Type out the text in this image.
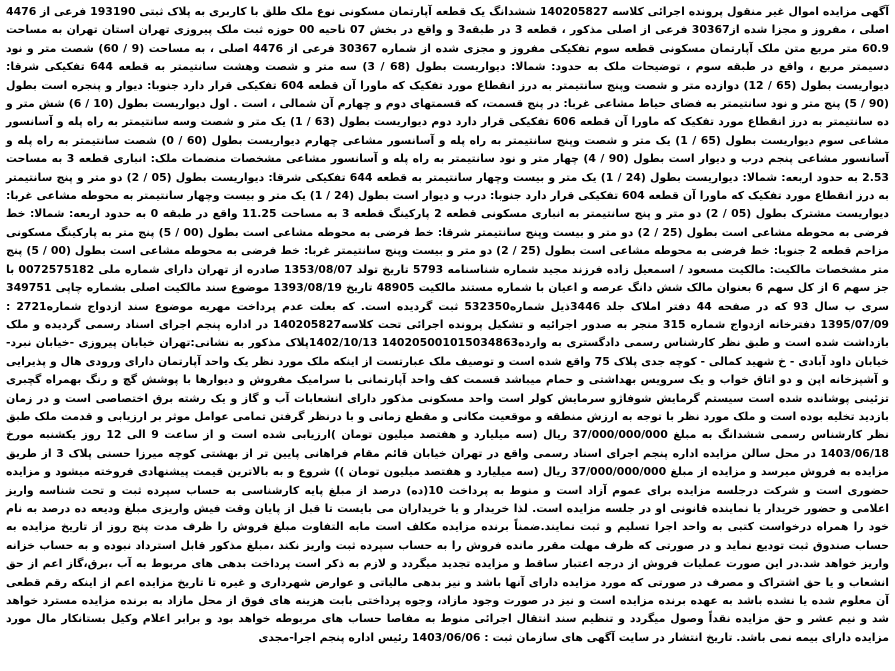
آگهی مزایده اموال غیر منقول پرونده اجرائی کلاسه 140205827 ششدانگ یک قطعه آپارتمان مسکونی نوع ملک طلق با کاربری به پلاک ثبتی 193190 فرعی از 4476 اصلی ، مفروز و مجزا شده از30367 فرعی از اصلی مذکور ، قطعه 3 در طبقه3 و واقع در بخش 07 ناحیه 00 حوزه ثبت ملک پیروزی تهران استان تهران به مساحت 60.9 متر مربع متن ملک آپارتمان مسکونی قطعه سوم تفکیکی مفروز و مجزی شده از شماره 30367 فرعی از 4476 اصلی ، به مساحت (9 / 60) شصت متر و نود دسیمتر مربع ، واقع در طبقه سوم ، توضیحات ملک به حدود: شمالا: دیواریست بطول (68 / 3) سه متر و شصت وهشت سانتیمتر به قطعه 644 تفکیکی شرقا: دیواریست بطول (65 / 12) دوازده متر و شصت وپنج سانتیمتر به درز انقطاع مورد تفکیک که ماورا آن قطعه 604 تفکیکی قرار دارد جنوبا: دیوار و پنجره است بطول (90 / 5) پنج متر و نود سانتیمتر به فضای حیاط مشاعی غربا: در پنج قسمت، که قسمتهای دوم و چهارم آن شمالی ، است . اول دیواریست بطول (10 / 6) شش متر و ده سانتیمتر به درز انقطاع مورد تفکیک که ماورا آن قطعه 606 تفکیکی قرار دارد دوم دیواریست بطول (63 / 1) یک متر و شصت وسه سانتیمتر به راه پله و آسانسور مشاعی سوم دیواریست بطول (65 / 1) یک متر و شصت وپنج سانتیمتر به راه پله و آسانسور مشاعی چهارم دیواریست بطول (60 / 0) شصت سانتیمتر به راه پله و آسانسور مشاعی پنجم درب و دیوار است بطول (90 / 4) چهار متر و نود سانتیمتر به راه پله و آسانسور مشاعی مشخصات منضمات ملک: انباری قطعه 3 به مساحت 2.53 به حدود اربعه: شمالا: دیواریست بطول (24 / 1) یک متر و بیست وچهار سانتیمتر به قطعه 644 تفکیکی شرقا: دیواریست بطول (05 / 2) دو متر و پنج سانتیمتر به درز انقطاع مورد تفکیک که ماورا آن قطعه 604 تفکیکی قرار دارد جنوبا: درب و دیوار است بطول (24 / 1) یک متر و بیست وچهار سانتیمتر به محوطه مشاعی غربا: دیواریست مشترک بطول (05 / 2) دو متر و پنج سانتیمتر به انباری مسکونی قطعه 2 پارکینگ قطعه 3 به مساحت 11.25 واقع در طبقه 0 به حدود اربعه: شمالا: خط فرضی به محوطه مشاعی است بطول (25 / 2) دو متر و بیست وپنج سانتیمتر شرقا: خط فرضی به محوطه مشاعی است بطول (00 / 5) پنج متر به پارکینگ مسکونی مزاحم قطعه 2 جنوبا: خط فرضی به محوطه مشاعی است بطول (25 / 2) دو متر و بیست وپنج سانتیمتر غربا: خط فرضی به محوطه مشاعی است بطول (00 / 5) پنج متر مشخصات مالکیت: مالکیت مسعود / اسمعیل زاده فرزند مجید شماره شناسنامه 5793 تاریخ تولد 1353/08/07 صادره از تهران دارای شماره ملی 0072575182 با جز سهم 6 از کل سهم 6 بعنوان مالک شش دانگ عرصه و اعیان با شماره مستند مالکیت 48905 تاریخ 1393/08/19 موضوع سند مالکیت اصلی بشماره چاپی 349751 سری ب سال 93 که در صفحه 44 دفتر املاک جلد 3446ذیل شماره532350 ثبت گردیده است. که بعلت عدم پرداخت مهریه موضوع سند ازدواج شماره2721 : 1395/07/09 دفترخانه ازدواج شماره 315 منجر به صدور اجرائیه و تشکیل پرونده اجرائی تحت کلاسه140205827 در اداره پنجم اجرای اسناد رسمی گردیده و ملک بازداشت شده است و طبق نظر کارشناس رسمی دادگستری به وارده140205001015034863 1402/10/13پلاک مذکور به نشانی:تهران خیابان پیروزی -خیابان نبرد- خیابان داود آبادی - خ شهید کمالی - کوچه جدی پلاک 75 واقع شده است و توصیف ملک عبارتست از اینکه ملک مورد نظر یک واحد آپارتمان دارای ورودی هال و پذیرایی و آشپزخانه اپن و دو اتاق خواب و یک سرویس بهداشتی و حمام میباشد قسمت کف واحد آپارتمانی با سرامیک مفروش و دیوارها با پوشش گچ و رنگ بهمراه گچبری تزئینی پوشانده شده است سیستم گرمایش شوفاژو سرمایش کولر است واحد مسکونی مذکور دارای انشعابات آب و گاز و یک رشته برق اختصاصی است و در زمان بازدید تخلیه بوده است و ملک مورد نظر با توجه به ارزش منطقه و موقعیت مکانی و مقطع زمانی و با درنظر گرفتن تمامی عوامل موثر بر ارزیابی و قدمت ملک طبق نظر کارشناس رسمی ششدانگ به مبلغ 37/000/000/000 ریال (سه میلیارد و هفتصد میلیون تومان )ارزیابی شده است و از ساعت 9 الی 12 روز یکشنبه مورخ 1403/06/18 در محل سالن مزایده اداره پنجم اجرای اسناد رسمی واقع در تهران خیابان قائم مقام فراهانی پایین تر از بهشتی کوچه میرزا حسنی پلاک 3 از طریق مزایده به فروش میرسد و مزایده از مبلغ 37/000/000/000 ریال (سه میلیارد و هفتصد میلیون تومان )) شروع و به بالاترین قیمت پیشنهادی فروخته میشود و مزایده حضوری است و شرکت درجلسه مزایده برای عموم آزاد است و منوط به پرداخت 10(ده) درصد از مبلغ پایه کارشناسی به حساب سپرده ثبت و تحت شناسه واریز اعلامی و حضور خریدار یا نماینده قانونی او در جلسه مزایده است. لذا خریدار و یا خریداران می بایست تا قبل از پایان وقت فیش واریزی مبلغ ودیعه ده درصد به نام خود را همراه درخواست کتبی به واحد اجرا تسلیم و ثبت نمایند.ضمناً برنده مزایده مکلف است مابه التفاوت مبلغ فروش را ظرف مدت پنج روز از تاریخ مزایده به حساب صندوق ثبت تودیع نماید و در صورتی که ظرف مهلت مقرر مانده فروش را به حساب سپرده ثبت واریز نکند ،مبلغ مذکور قابل استرداد نبوده و به حساب خزانه واریز خواهد شد.در این صورت عملیات فروش از درجه اعتبار ساقط و مزایده تجدید میگردد و لازم به ذکر است پرداخت بدهی های مربوط به آب ،برق،گاز اعم از حق انشعاب و یا حق اشتراک و مصرف در صورتی که مورد مزایده دارای آنها باشد و نیز بدهی مالیاتی و عوارض شهرداری و غیره تا تاریخ مزایده اعم از اینکه رقم قطعی آن معلوم شده یا نشده باشد به عهده برنده مزایده است و نیز در صورت وجود مازاد، وجوه پرداختی بابت هزینه های فوق از محل مازاد به برنده مزایده مسترد خواهد شد و نیم عشر و حق مزایده نقداً وصول میگردد و تنظیم سند انتقال اجرائی منوط به مفاصا حساب های مربوطه خواهد بود و برابر اعلام وکیل بستانکار مال مورد مزایده دارای بیمه نمی باشد. تاریخ انتشار در سایت آگهی های سازمان ثبت : 1403/06/06 رئیس اداره پنجم اجرا-مجدی
